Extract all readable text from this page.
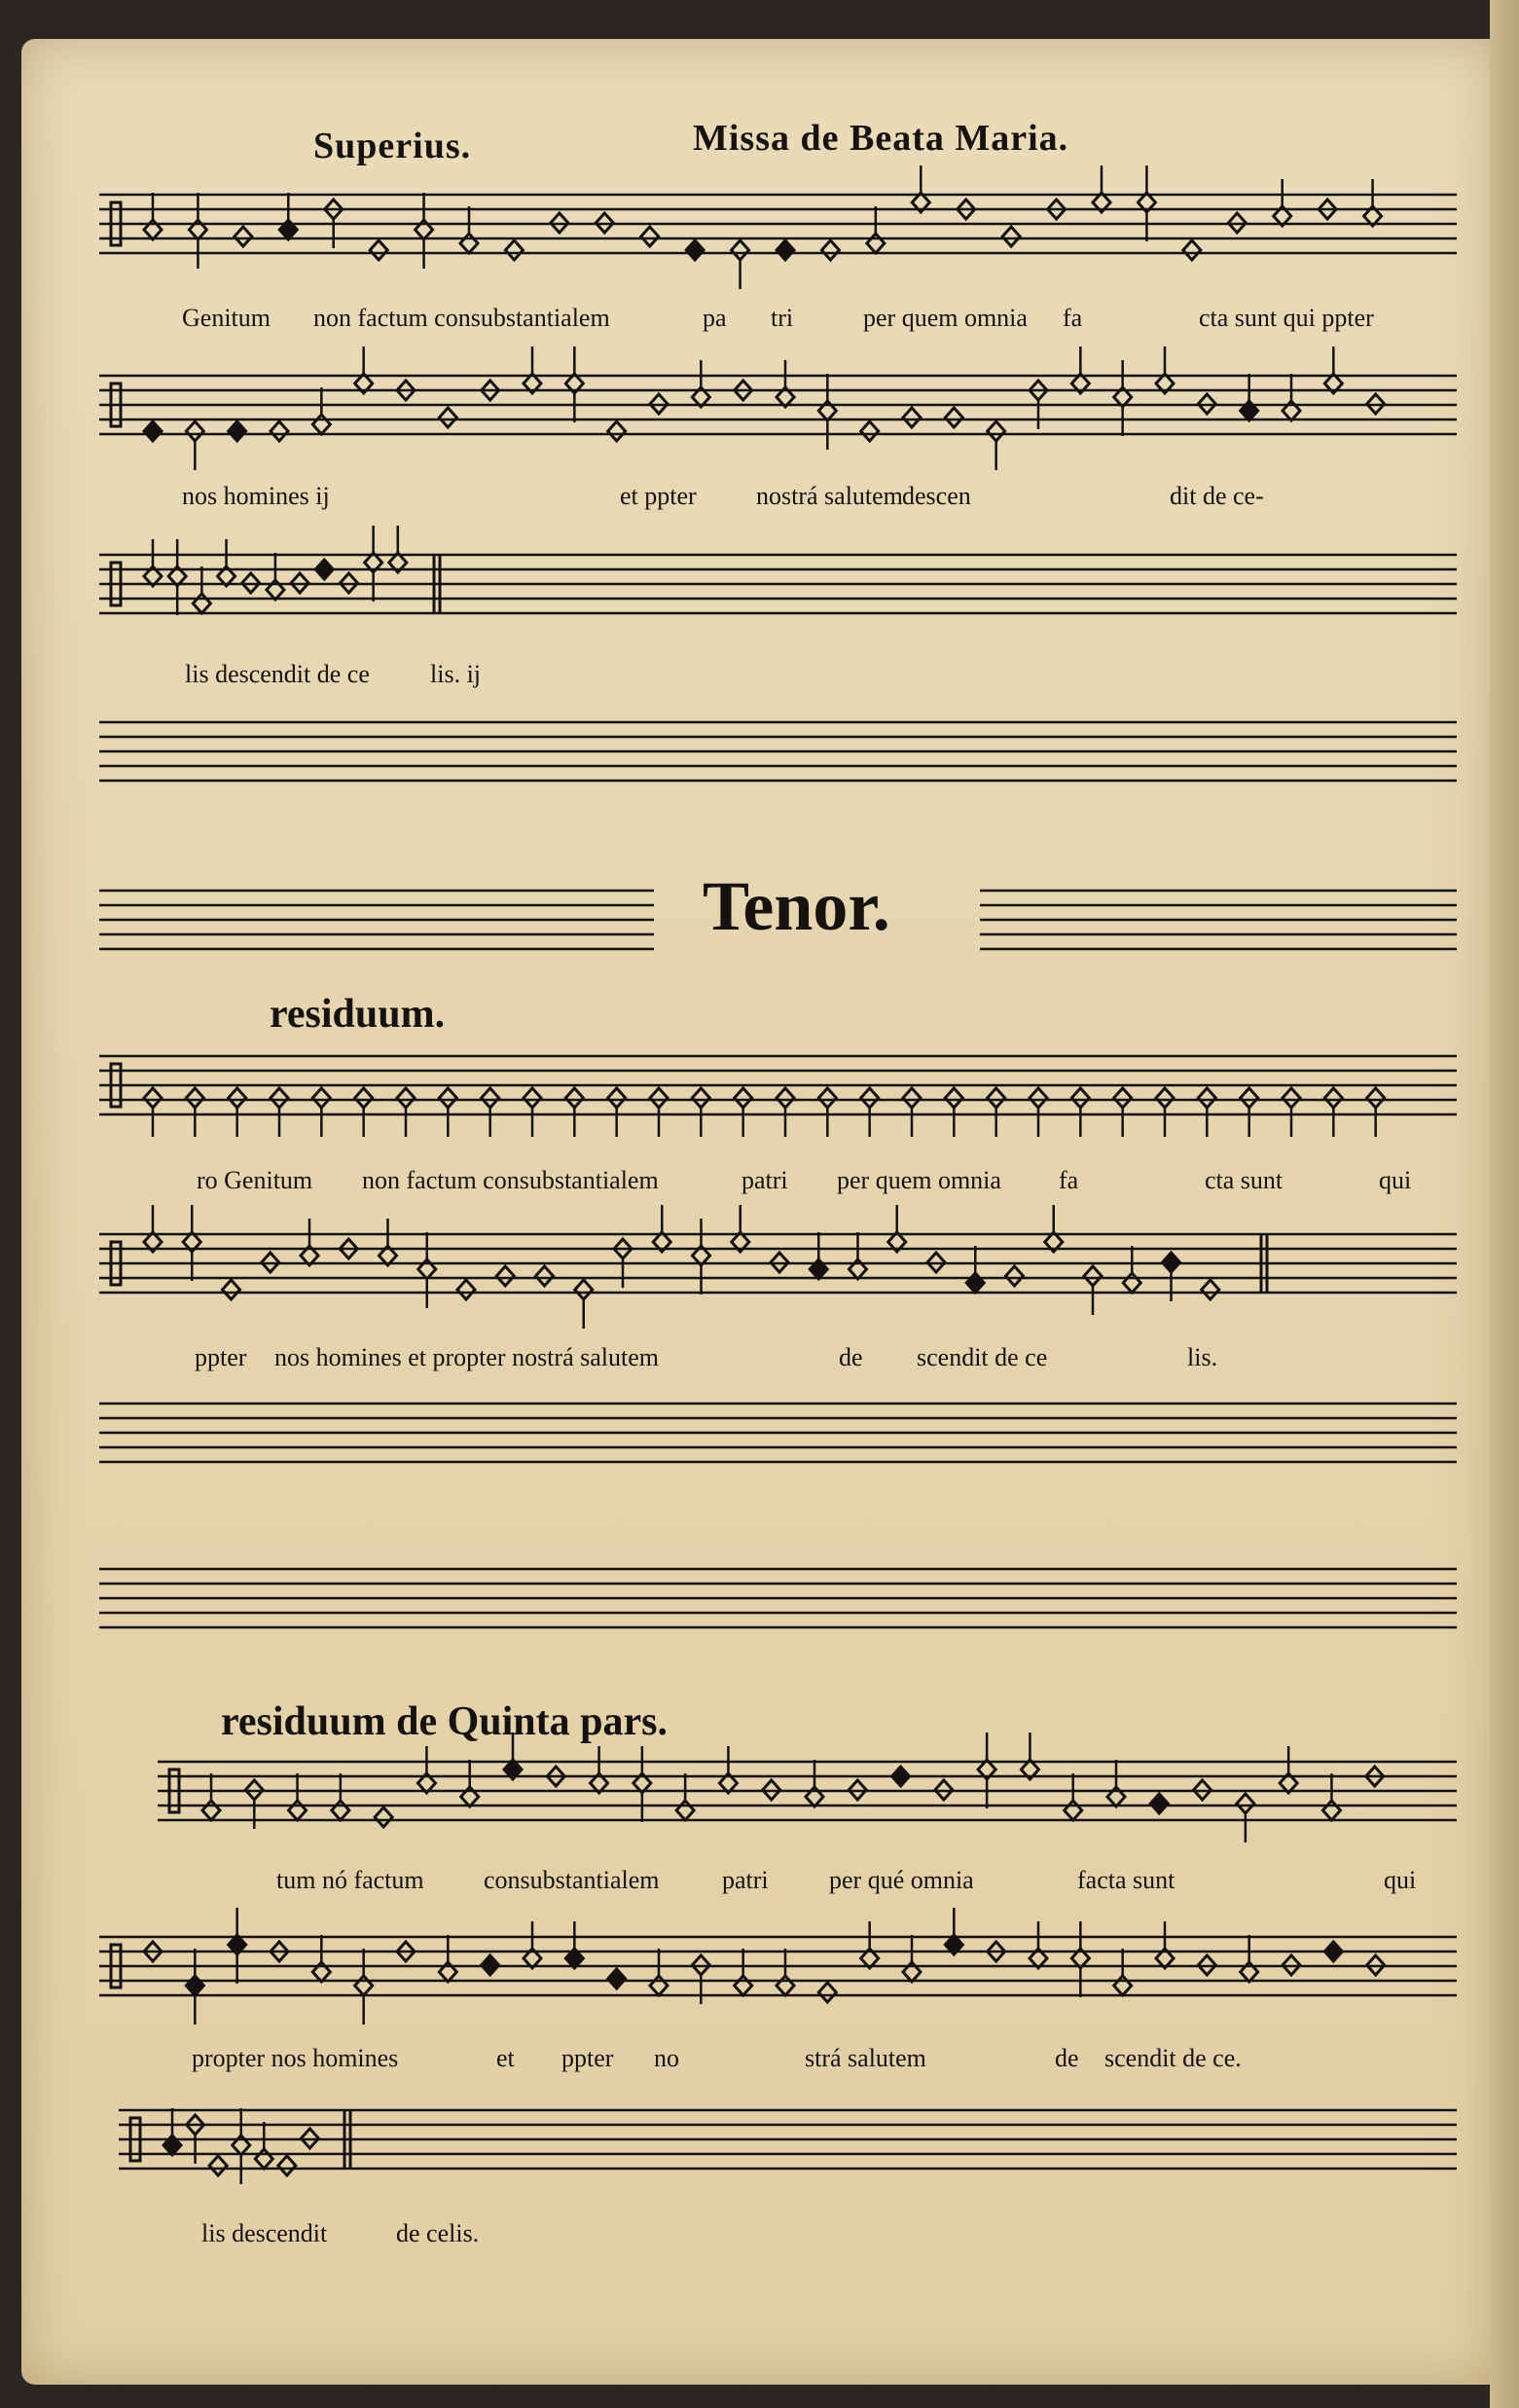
Superius.	Missa de Beata Maria.
Tenor.
residuum.
residuum de Quinta pars.
Genitum non factum consubstantialem	pa tri	per quem omnia fa	cta sunt qui ppter
nos homines ij	et ppter nostrá salutem descen	dit de ce-
lis descendit de ce lis. ij
ro Genitum non factum consubstantialem	patri per quem omnia fa	cta sunt	qui
ppter nos homines et propter nostrá salutem	de scendit de ce	lis.
tum nó factum consubstantialem patri per qué omnia	facta sunt	qui
propter nos homines	et ppter no	strá salutem	de scendit de ce.
lis descendit	de celis.
